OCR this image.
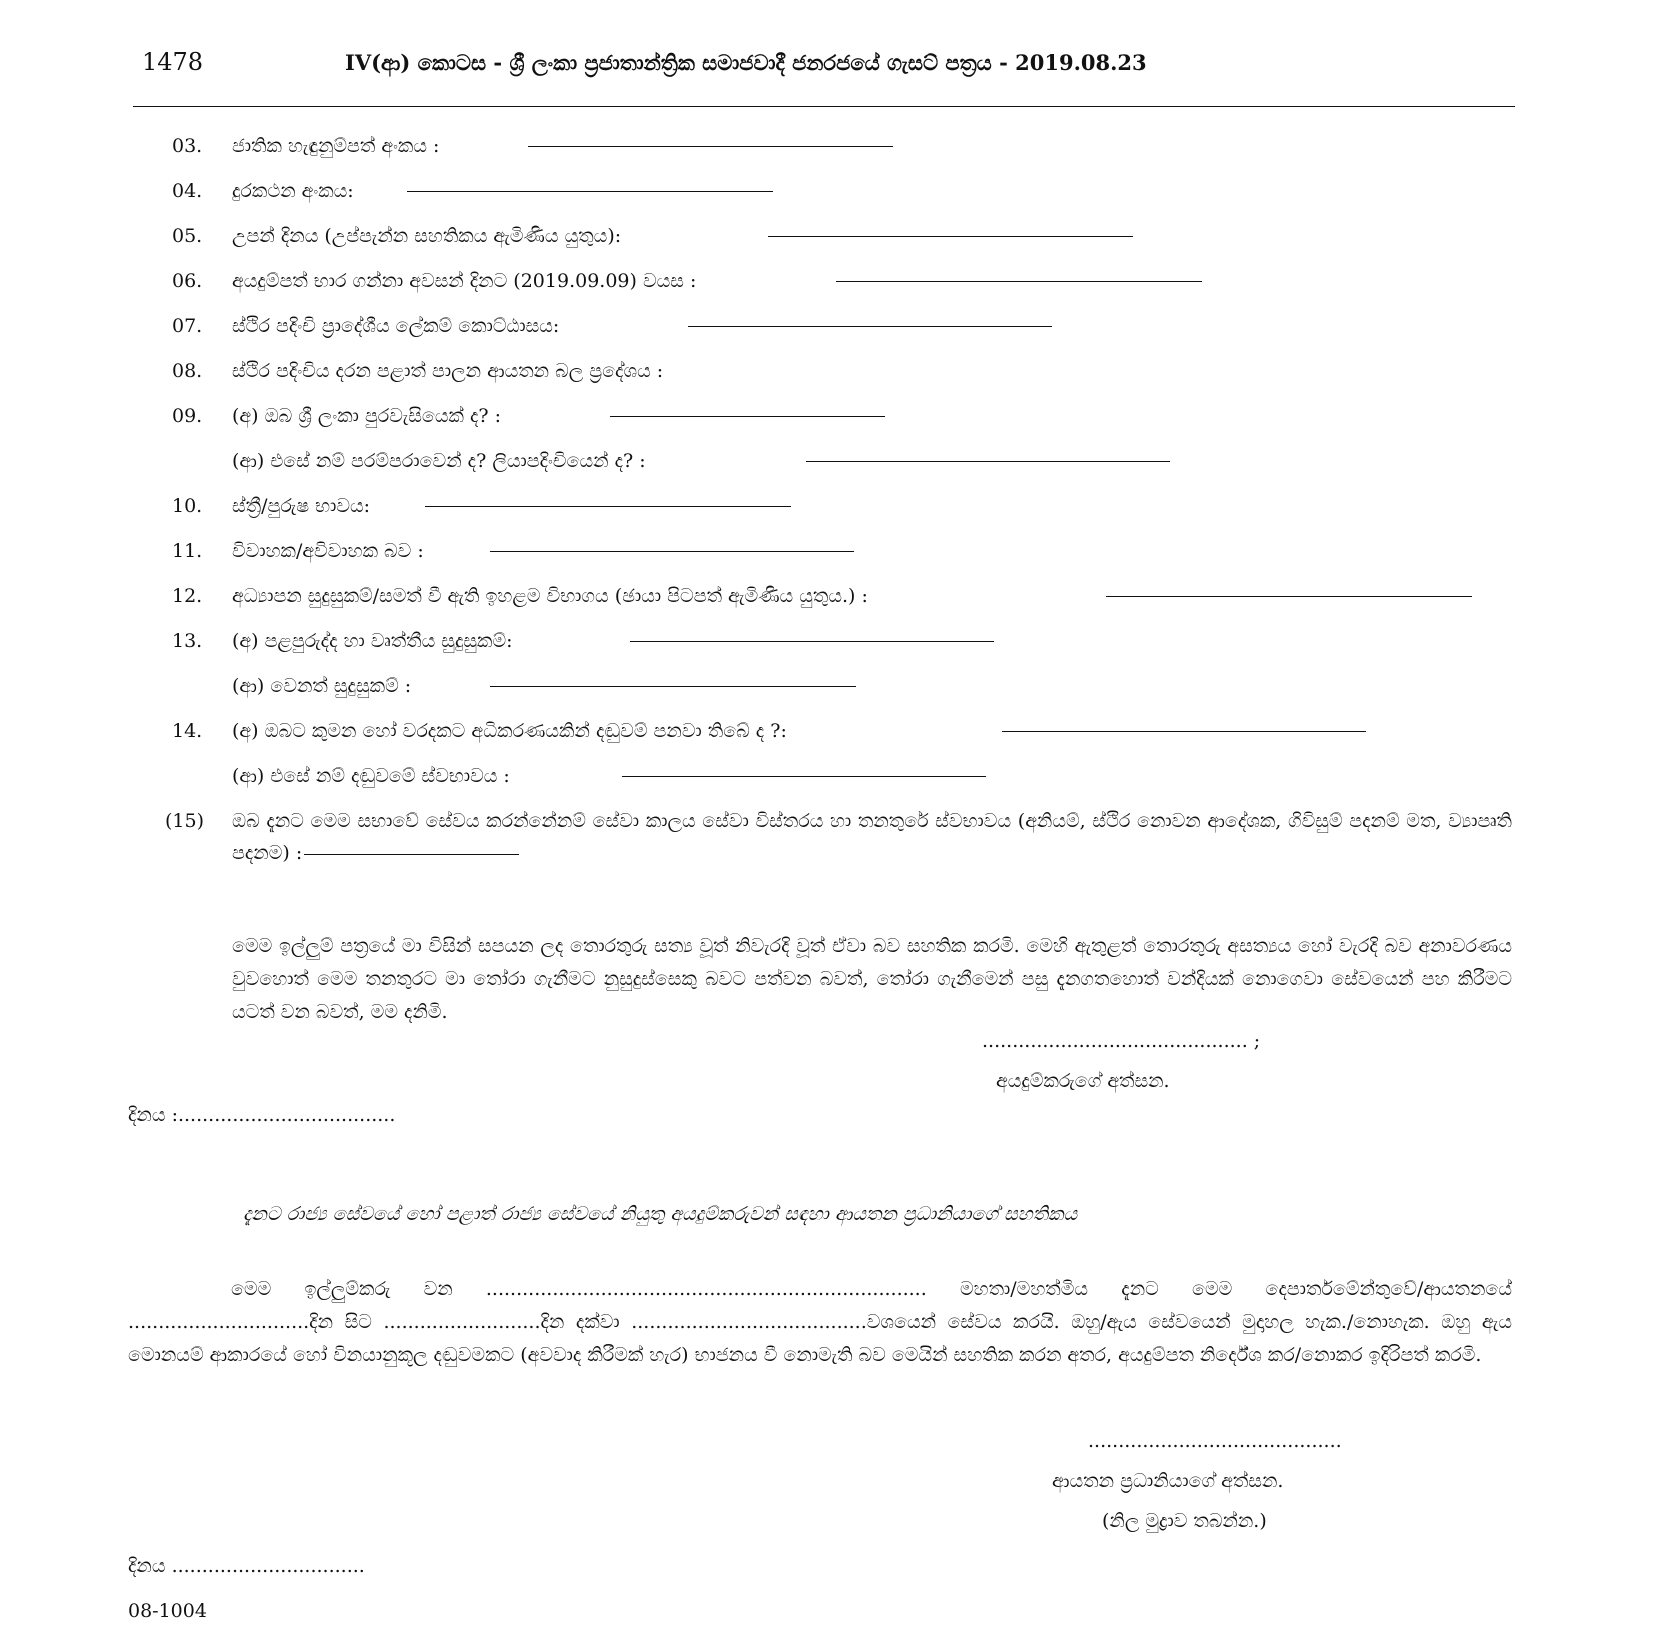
1478	IV(ආ) කොටස - ශ්‍රී ලංකා ප්‍රජාතාන්ත්‍රික සමාජවාදී ජනරජයේ ගැසට් පත්‍රය - 2019.08.23
03. ජාතික හැඳුනුම්පත් අංකය :
04. දුරකථන අංකය:
05. උපන් දිනය (උප්පැන්න සහතිකය ඇමිණිය යුතුය):
06. අයදුම්පත් භාර ගන්නා අවසන් දිනට (2019.09.09) වයස :
07. ස්ථිර පදිංචි ප්‍රාදේශීය ලේකම් කොට්ඨාසය:
08. ස්ථිර පදිංචිය දරන පළාත් පාලන ආයතන බල ප්‍රදේශය :
09. (අ) ඔබ ශ්‍රී ලංකා පුරවැසියෙක් ද? :
(ආ) එසේ නම් පරම්පරාවෙන් ද? ලියාපදිංචියෙන් ද? :
10. ස්ත්‍රී/පුරුෂ භාවය:
11. විවාහක/අවිවාහක බව :
12. අධ්‍යාපන සුදුසුකම්/සමත් වී ඇති ඉහළම විභාගය (ඡායා පිටපත් ඇමිණිය යුතුය.) :
13. (අ) පළපුරුද්ද හා වෘත්තීය සුදුසුකම්:
(ආ) වෙනත් සුදුසුකම් :
14. (අ) ඔබට කුමන හෝ වරදකට අධිකරණයකින් දඬුවම් පනවා තිබේ ද ?:
(ආ) එසේ නම් දඬුවමේ ස්වභාවය :
(15) ඔබ දැනට මෙම සභාවේ සේවය කරන්නේනම් සේවා කාලය සේවා විස්තරය හා තනතුරේ ස්වභාවය (අනියම්, ස්ථිර නොවන ආදේශක, ගිවිසුම් පදනම් මත, ව්‍යාපෘති පදනම) :
මෙම ඉල්ලුම් පත්‍රයේ මා විසින් සපයන ලද තොරතුරු සත්‍ය වූත් නිවැරදි වූත් ඒවා බව සහතික කරමි. මෙහි ඇතුළත් තොරතුරු අසත්‍යය හෝ වැරදි බව අනාවරණය වුවහොත් මෙම තනතුරට මා තෝරා ගැනීමට නුසුදුස්සෙකු බවට පත්වන බවත්, තෝරා ගැනීමෙන් පසු දැනගතහොත් වන්දියක් නොගෙවා සේවයෙන් පහ කිරීමට යටත් වන බවත්, මම දනිමි.
............................................ ;
අයදුම්කරුගේ අත්සන.
දිනය :....................................
දැනට රාජ්‍ය සේවයේ හෝ පළාත් රාජ්‍ය සේවයේ නියුතු අයදුම්කරුවන් සඳහා ආයතන ප්‍රධානියාගේ සහතිකය
මෙම ඉල්ලුම්කරු වන ......................................................................... මහතා/මහත්මිය දැනට මෙම දෙපාර්තමේන්තුවේ/ආයතනයේ ..............................දින සිට ..........................දින දක්වා .......................................වශයෙන් සේවය කරයි. ඔහු/ඇය සේවයෙන් මුදාහල හැක./නොහැක. ඔහු ඇය මොනයම් ආකාරයේ හෝ විනයානුකූල දඬුවමකට (අවවාද කිරීමක් හැර) භාජනය වී නොමැති බව මෙයින් සහතික කරන අතර, අයදුම්පත නිර්දේශ කර/නොකර ඉදිරිපත් කරමි.
..........................................
ආයතන ප්‍රධානියාගේ අත්සන.
(නිල මුද්‍රාව තබන්න.)
දිනය ................................
08-1004
